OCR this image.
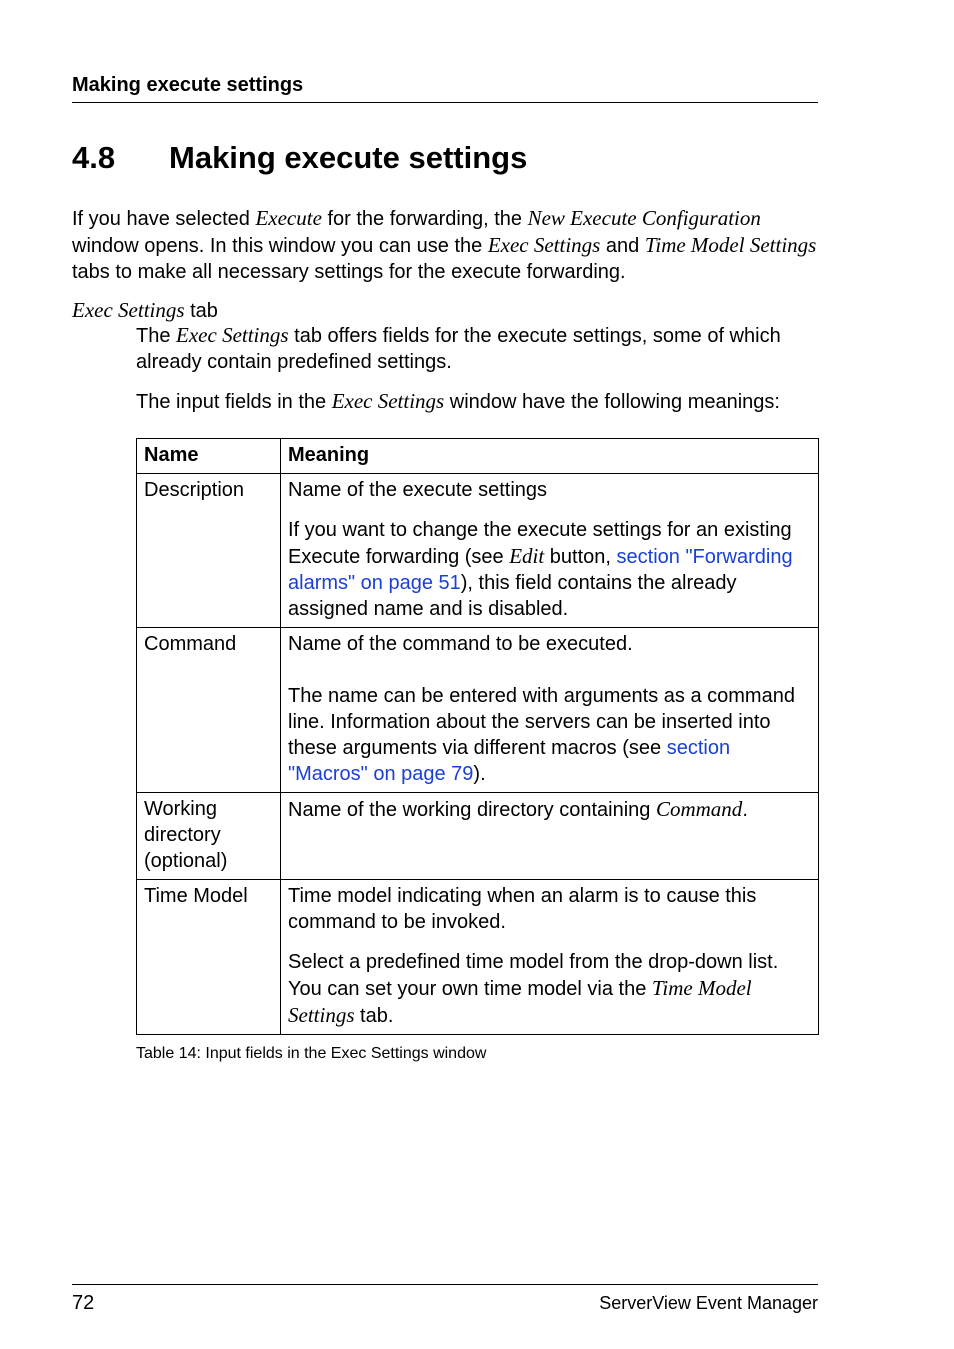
Making execute settings
4.8 Making execute settings

If you have selected Execute for the forwarding, the New Execute Configuration window opens. In this window you can use the Exec Settings and Time Model Settings tabs to make all necessary settings for the execute forwarding.

Exec Settings tab

The Exec Settings tab offers fields for the execute settings, some of which already contain predefined settings.

The input fields in the Exec Settings window have the following meanings:

Name	Meaning
Description	Name of the execute settings

If you want to change the execute settings for an existing Execute forwarding (see Edit button, section "Forwarding alarms" on page 51), this field contains the already assigned name and is disabled.

Command	Name of the command to be executed.

The name can be entered with arguments as a command line. Information about the servers can be inserted into these arguments via different macros (see section "Macros" on page 79).

Working directory (optional)	Name of the working directory containing Command.

Time Model	Time model indicating when an alarm is to cause this command to be invoked.

Select a predefined time model from the drop-down list. You can set your own time model via the Time Model Settings tab.

Table 14: Input fields in the Exec Settings window
72	ServerView Event Manager
